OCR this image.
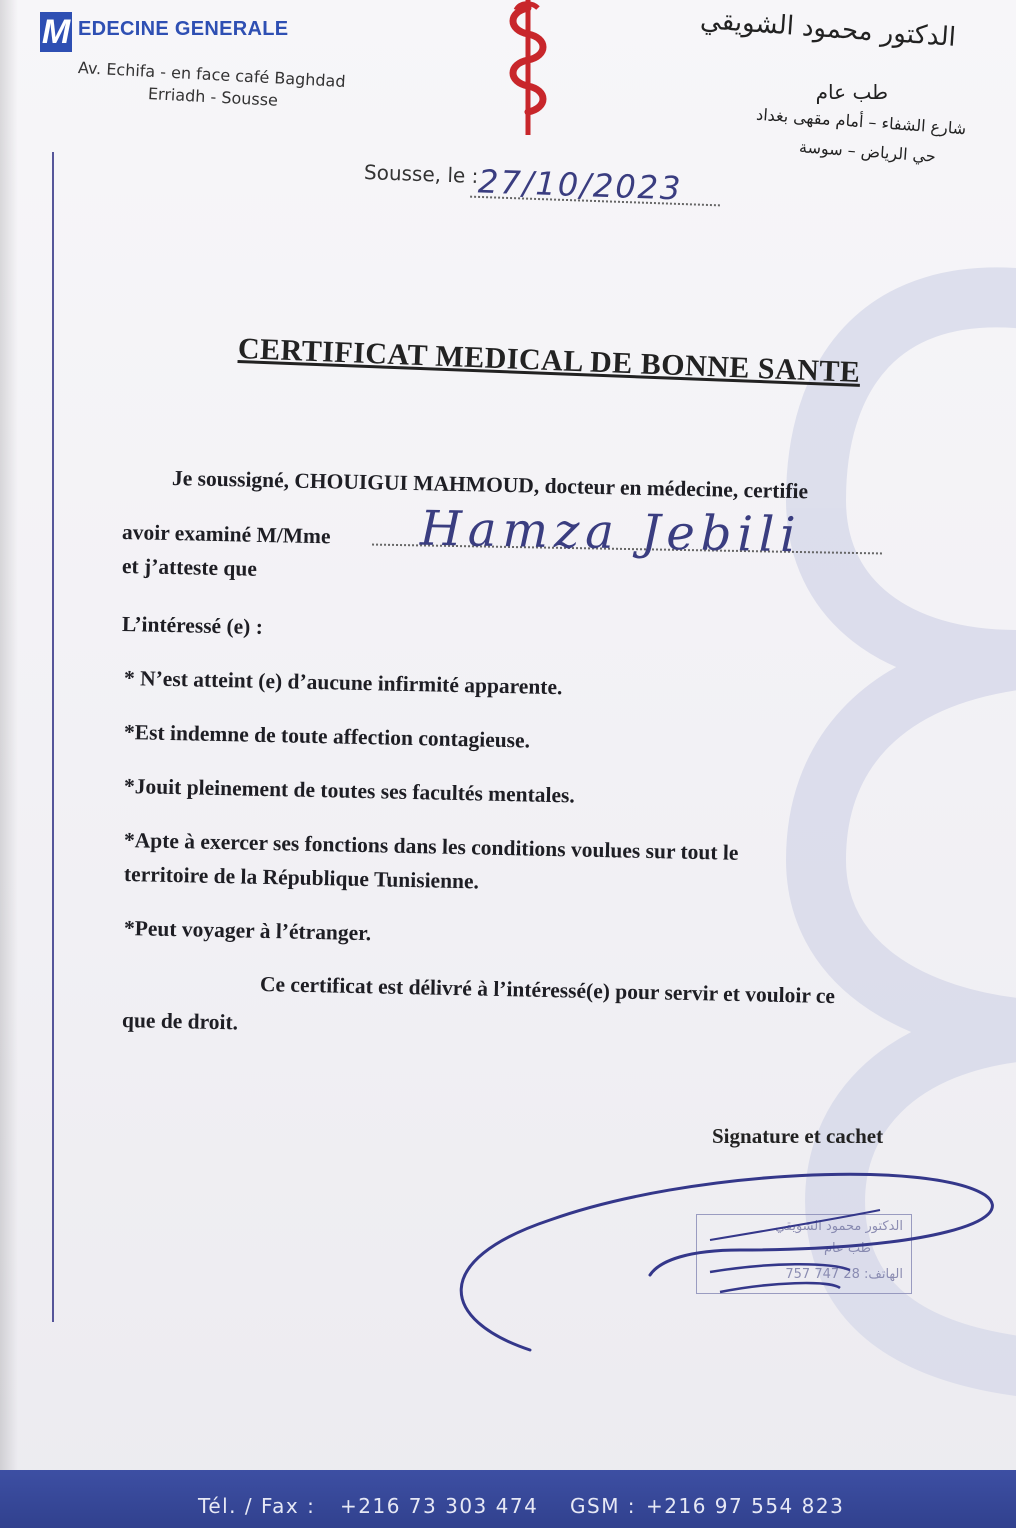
M EDECINE GENERALE
Av. Echifa - en face café Baghdad
Erriadh - Sousse
الدكتور محمود الشويقي
طب عام
شارع الشفاء – أمام مقهى بغداد
حي الرياض – سوسة
Sousse, le :
27/10/2023
CERTIFICAT MEDICAL DE BONNE SANTE
Je soussigné, CHOUIGUI MAHMOUD, docteur en médecine, certifie
avoir examiné M/Mme Hamza Jebili
et j’atteste que
L’intéressé (e) :
* N’est atteint (e) d’aucune infirmité apparente.
*Est indemne de toute affection contagieuse.
*Jouit pleinement de toutes ses facultés mentales.
*Apte à exercer ses fonctions dans les conditions voulues sur tout le
territoire de la République Tunisienne.
*Peut voyager à l’étranger.
Ce certificat est délivré à l’intéressé(e) pour servir et vouloir ce
que de droit.
Signature et cachet
الدكتور محمود الشويقي
طب عام
الهاتف: 28 747 757
Tél. / Fax : +216 73 303 474 GSM : +216 97 554 823
